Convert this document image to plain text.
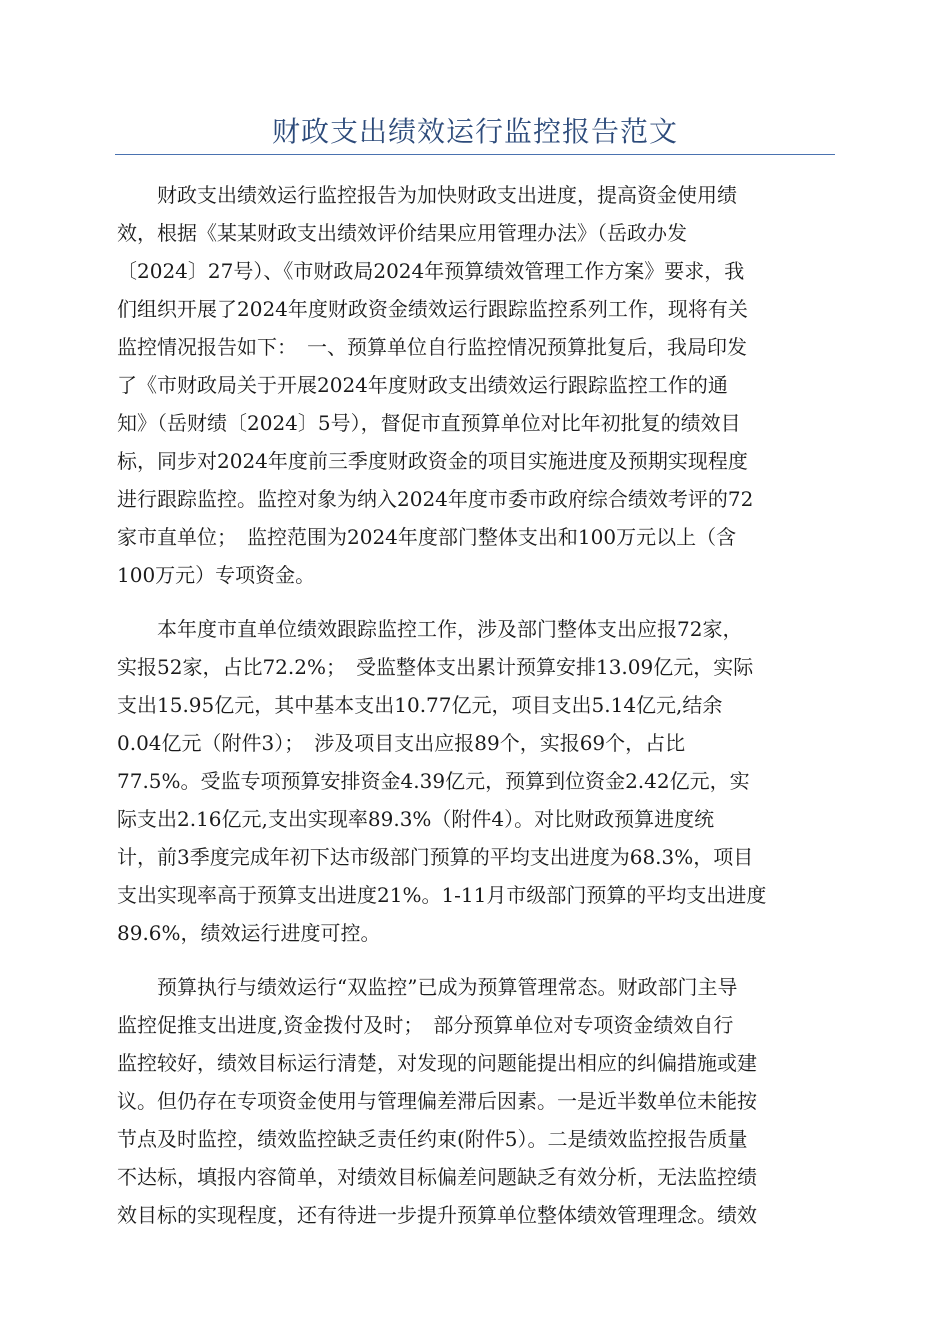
财政支出绩效运行监控报告范文
　　财政支出绩效运行监控报告为加快财政支出进度，提高资金使用绩
效，根据《某某财政支出绩效评价结果应用管理办法》（岳政办发
〔2024〕27号）、《市财政局2024年预算绩效管理工作方案》要求，我
们组织开展了2024年度财政资金绩效运行跟踪监控系列工作，现将有关
监控情况报告如下：　一、预算单位自行监控情况预算批复后，我局印发
了《市财政局关于开展2024年度财政支出绩效运行跟踪监控工作的通
知》（岳财绩〔2024〕5号），督促市直预算单位对比年初批复的绩效目
标，同步对2024年度前三季度财政资金的项目实施进度及预期实现程度
进行跟踪监控。监控对象为纳入2024年度市委市政府综合绩效考评的72
家市直单位；　监控范围为2024年度部门整体支出和100万元以上（含
100万元）专项资金。
　　本年度市直单位绩效跟踪监控工作，涉及部门整体支出应报72家，
实报52家，占比72.2%；　受监整体支出累计预算安排13.09亿元，实际
支出15.95亿元，其中基本支出10.77亿元，项目支出5.14亿元,结余
0.04亿元（附件3）；　涉及项目支出应报89个，实报69个，占比
77.5%。受监专项预算安排资金4.39亿元，预算到位资金2.42亿元，实
际支出2.16亿元,支出实现率89.3%（附件4）。对比财政预算进度统
计，前3季度完成年初下达市级部门预算的平均支出进度为68.3%，项目
支出实现率高于预算支出进度21%。1-11月市级部门预算的平均支出进度
89.6%，绩效运行进度可控。
　　预算执行与绩效运行“双监控”已成为预算管理常态。财政部门主导
监控促推支出进度,资金拨付及时；　部分预算单位对专项资金绩效自行
监控较好，绩效目标运行清楚，对发现的问题能提出相应的纠偏措施或建
议。但仍存在专项资金使用与管理偏差滞后因素。一是近半数单位未能按
节点及时监控，绩效监控缺乏责任约束(附件5）。二是绩效监控报告质量
不达标，填报内容简单，对绩效目标偏差问题缺乏有效分析，无法监控绩
效目标的实现程度，还有待进一步提升预算单位整体绩效管理理念。绩效
